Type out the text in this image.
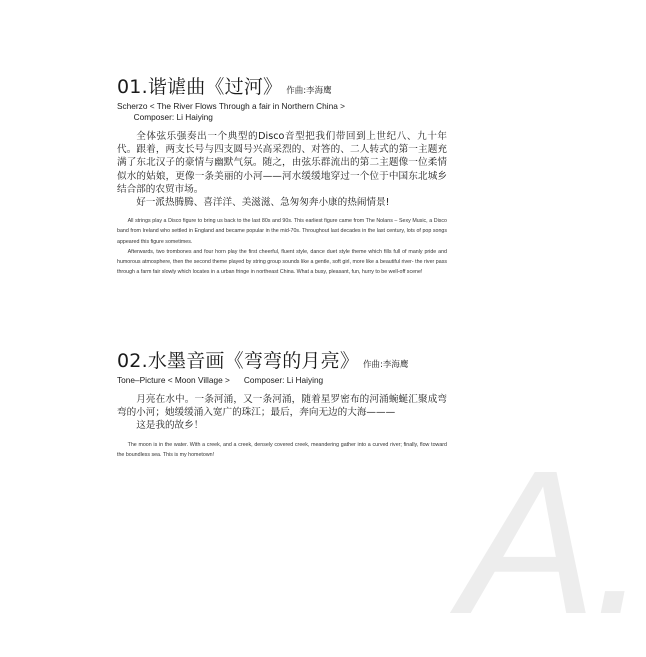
01.谐谑曲《过河》 作曲:李海鹰
Scherzo < The River Flows Through a fair in Northern China >
Composer: Li Haiying

全体弦乐强奏出一个典型的Disco音型把我们带回到上世纪八、九十年代。跟着，两支长号与四支圆号兴高采烈的、对答的、二人转式的第一主题充满了东北汉子的豪情与幽默气氛。随之，由弦乐群流出的第二主题像一位柔情似水的姑娘，更像一条美丽的小河——河水缓缓地穿过一个位于中国东北城乡结合部的农贸市场。

好一派热腾腾、喜洋洋、美滋滋、急匆匆奔小康的热闹情景!

All strings play a Disco figure to bring us back to the last 80s and 90s. This earliest figure came from The Nolans – Sexy Music, a Disco band from Ireland who settled in England and became popular in the mid-70s. Throughout last decades in the last century, lots of pop songs appeared this figure sometimes.

Afterwards, two trombones and four horn play the first cheerful, fluent style, dance duet style theme which fills full of manly pride and humorous atmosphere, then the second theme played by string group sounds like a gentle, soft girl, more like a beautiful river- the river pass through a farm fair slowly which locates in a urban fringe in northeast China. What a busy, pleasant, fun, hurry to be well-off scene!

02.水墨音画《弯弯的月亮》 作曲:李海鹰
Tone–Picture < Moon Village > Composer: Li Haiying

月亮在水中。一条河涌，又一条河涌，随着星罗密布的河涌蜿蜒汇聚成弯弯的小河；她缓缓涌入宽广的珠江；最后，奔向无边的大海———

这是我的故乡！

The moon is in the water. With a creek, and a creek, densely covered creek, meandering gather into a curved river; finally, flow toward the boundless sea. This is my hometown!	A.
